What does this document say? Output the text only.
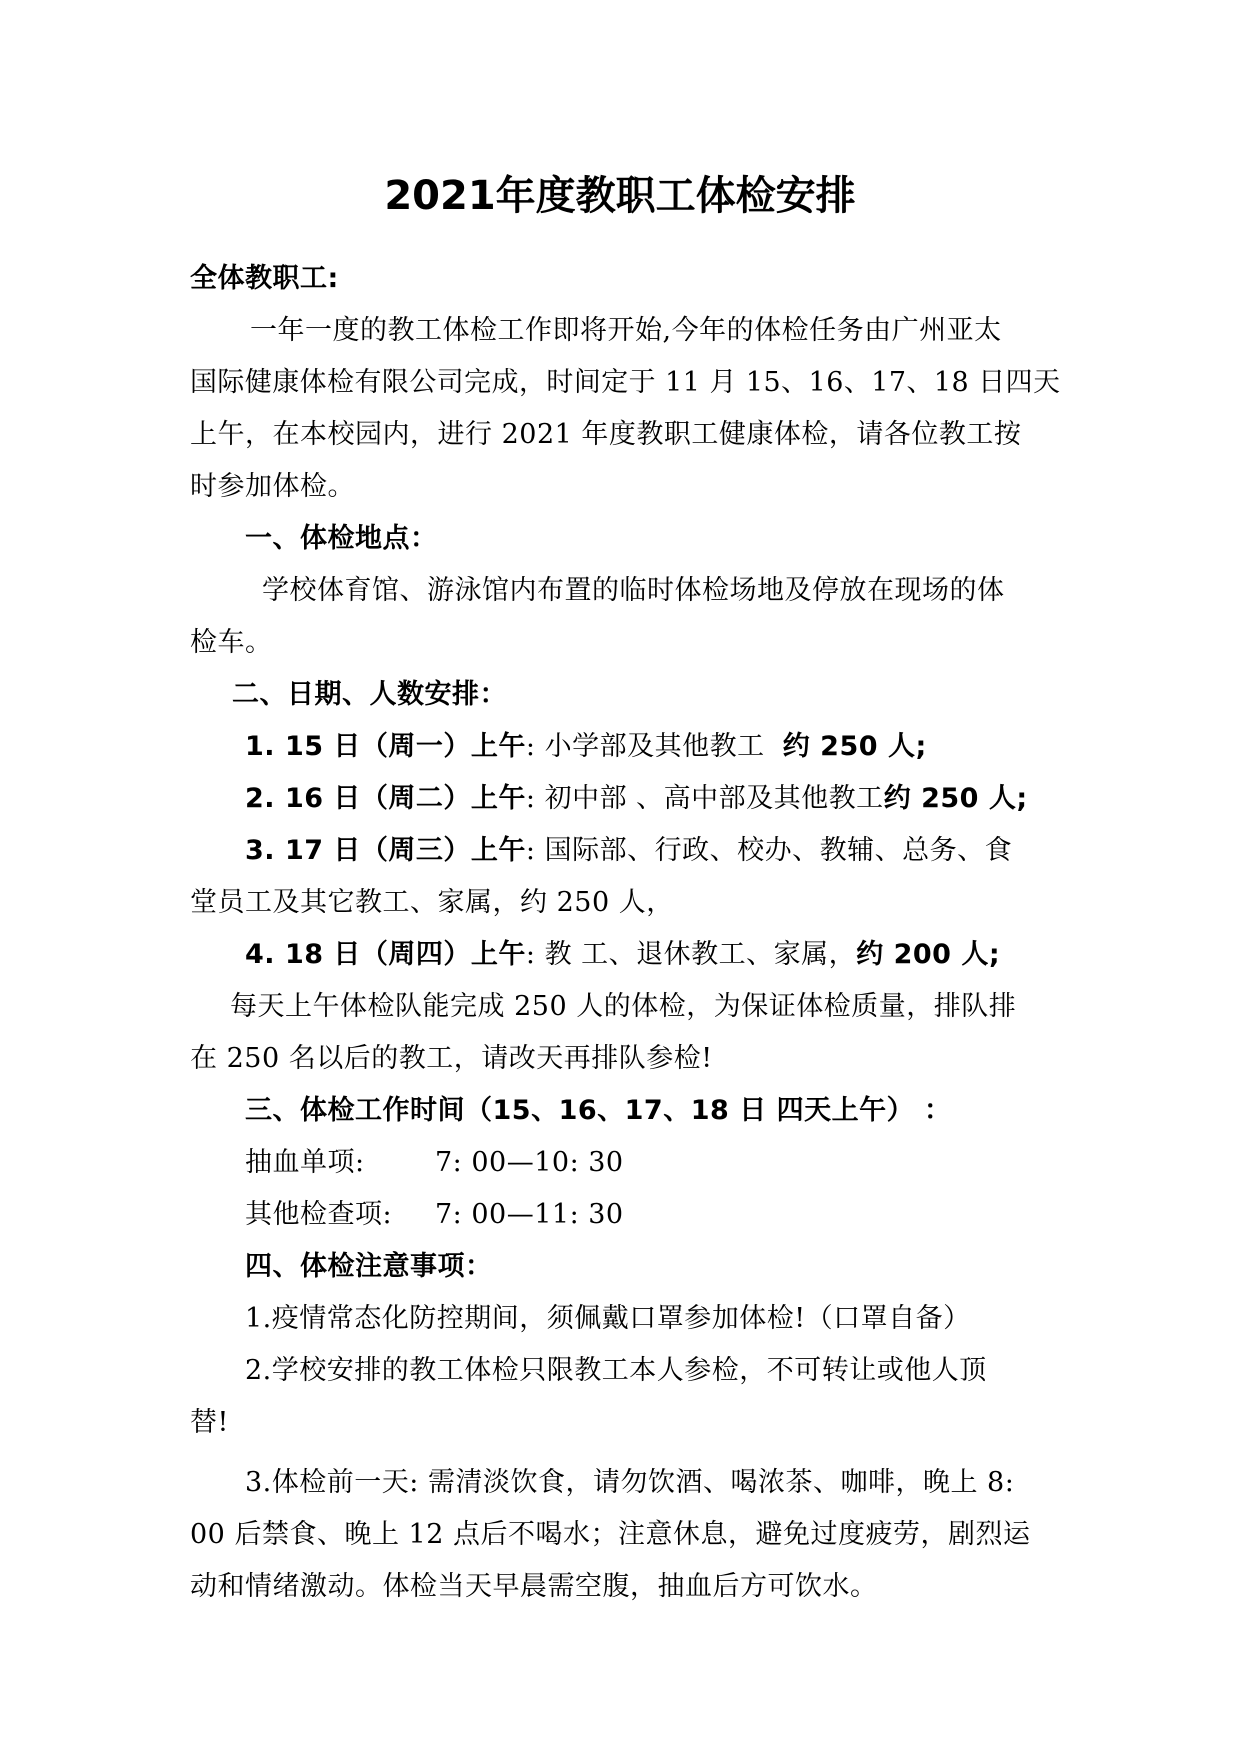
2021年度教职工体检安排
全体教职工:
一年一度的教工体检工作即将开始,今年的体检任务由广州亚太
国际健康体检有限公司完成，时间定于 11 月 15、16、17、18 日四天
上午，在本校园内，进行 2021 年度教职工健康体检，请各位教工按
时参加体检。
一、体检地点：
学校体育馆、游泳馆内布置的临时体检场地及停放在现场的体
检车。
二、日期、人数安排：
1. 15 日（周一）上午: 小学部及其他教工 约 250 人;
2. 16 日（周二）上午: 初中部 、高中部及其他教工约 250 人;
3. 17 日（周三）上午: 国际部、行政、校办、教辅、总务、食
堂员工及其它教工、家属，约 250 人，
4. 18 日（周四）上午: 教 工、退休教工、家属，约 200 人;
每天上午体检队能完成 250 人的体检，为保证体检质量，排队排
在 250 名以后的教工，请改天再排队参检!
三、体检工作时间（15、16、17、18 日 四天上午） ：
抽血单项:	7: 00—10: 30
其他检查项: 7: 00—11: 30
四、体检注意事项：
1.疫情常态化防控期间，须佩戴口罩参加体检!（口罩自备）
2.学校安排的教工体检只限教工本人参检，不可转让或他人顶
替!
3.体检前一天: 需清淡饮食，请勿饮酒、喝浓茶、咖啡，晚上 8:
00 后禁食、晚上 12 点后不喝水；注意休息，避免过度疲劳，剧烈运
动和情绪激动。体检当天早晨需空腹，抽血后方可饮水。
